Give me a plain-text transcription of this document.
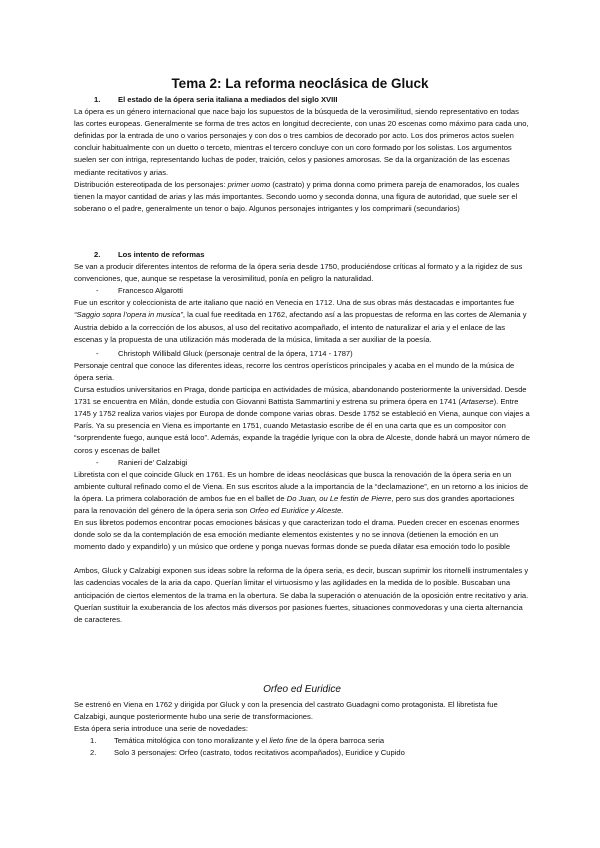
Tema 2: La reforma neoclásica de Gluck

1. El estado de la ópera seria italiana a mediados del siglo XVIII

La ópera es un género internacional que nace bajo los supuestos de la búsqueda de la verosimilitud, siendo representativo en todas las cortes europeas. Generalmente se forma de tres actos en longitud decreciente, con unas 20 escenas como máximo para cada uno, definidas por la entrada de uno o varios personajes y con dos o tres cambios de decorado por acto. Los dos primeros actos suelen concluir habitualmente con un duetto o terceto, mientras el tercero concluye con un coro formado por los solistas. Los argumentos suelen ser con intriga, representando luchas de poder, traición, celos y pasiones amorosas. Se da la organización de las escenas mediante recitativos y arias.

Distribución estereotipada de los personajes: primer uomo (castrato) y prima donna como primera pareja de enamorados, los cuales tienen la mayor cantidad de arias y las más importantes. Secondo uomo y seconda donna, una figura de autoridad, que suele ser el soberano o el padre, generalmente un tenor o bajo. Algunos personajes intrigantes y los comprimarii (secundarios)

2. Los intento de reformas

Se van a producir diferentes intentos de reforma de la ópera seria desde 1750, produciéndose críticas al formato y a la rigidez de sus convenciones, que, aunque se respetase la verosimilitud, ponía en peligro la naturalidad.

-	Francesco Algarotti

Fue un escritor y coleccionista de arte italiano que nació en Venecia en 1712. Una de sus obras más destacadas e importantes fue “Saggio sopra l’opera in musica”, la cual fue reeditada en 1762, afectando así a las propuestas de reforma en las cortes de Alemania y Austria debido a la corrección de los abusos, al uso del recitativo acompañado, el intento de naturalizar el aria y el enlace de las escenas y la propuesta de una utilización más moderada de la música, limitada a ser auxiliar de la poesía.

-	Christoph Willibald Gluck (personaje central de la ópera, 1714 - 1787)

Personaje central que conoce las diferentes ideas, recorre los centros operísticos principales y acaba en el mundo de la música de ópera seria.

Cursa estudios universitarios en Praga, donde participa en actividades de música, abandonando posteriormente la universidad. Desde 1731 se encuentra en Milán, donde estudia con Giovanni Battista Sammartini y estrena su primera ópera en 1741 (Artaserse). Entre 1745 y 1752 realiza varios viajes por Europa de donde compone varias obras. Desde 1752 se estableció en Viena, aunque con viajes a París. Ya su presencia en Viena es importante en 1751, cuando Metastasio escribe de él en una carta que es un compositor con “sorprendente fuego, aunque está loco”. Además, expande la tragédie lyrique con la obra de Alceste, donde habrá un mayor número de coros y escenas de ballet

-	Ranieri de’ Calzabigi

Libretista con el que coincide Gluck en 1761. Es un hombre de ideas neoclásicas que busca la renovación de la ópera seria en un ambiente cultural refinado como el de Viena. En sus escritos alude a la importancia de la “declamazione”, en un retorno a los inicios de la ópera. La primera colaboración de ambos fue en el ballet de Do Juan, ou Le festin de Pierre, pero sus dos grandes aportaciones para la renovación del género de la ópera seria son Orfeo ed Euridice y Alceste.

En sus libretos podemos encontrar pocas emociones básicas y que caracterizan todo el drama. Pueden crecer en escenas enormes donde solo se da la contemplación de esa emoción mediante elementos existentes y no se innova (detienen la emoción en un momento dado y expandirlo) y un músico que ordene y ponga nuevas formas donde se pueda dilatar esa emoción todo lo posible

Ambos, Gluck y Calzabigi exponen sus ideas sobre la reforma de la ópera seria, es decir, buscan suprimir los ritornelli instrumentales y las cadencias vocales de la aria da capo. Querían limitar el virtuosismo y las agilidades en la medida de lo posible. Buscaban una anticipación de ciertos elementos de la trama en la obertura. Se daba la superación o atenuación de la oposición entre recitativo y aria. Querían sustituir la exuberancia de los afectos más diversos por pasiones fuertes, situaciones conmovedoras y una cierta alternancia de caracteres.

Orfeo ed Euridice

Se estrenó en Viena en 1762 y dirigida por Gluck y con la presencia del castrato Guadagni como protagonista. El libretista fue Calzabigi, aunque posteriormente hubo una serie de transformaciones.

Esta ópera seria introduce una serie de novedades:

1. Temática mitológica con tono moralizante y el lieto fine de la ópera barroca seria

2. Solo 3 personajes: Orfeo (castrato, todos recitativos acompañados), Euridice y Cupido
